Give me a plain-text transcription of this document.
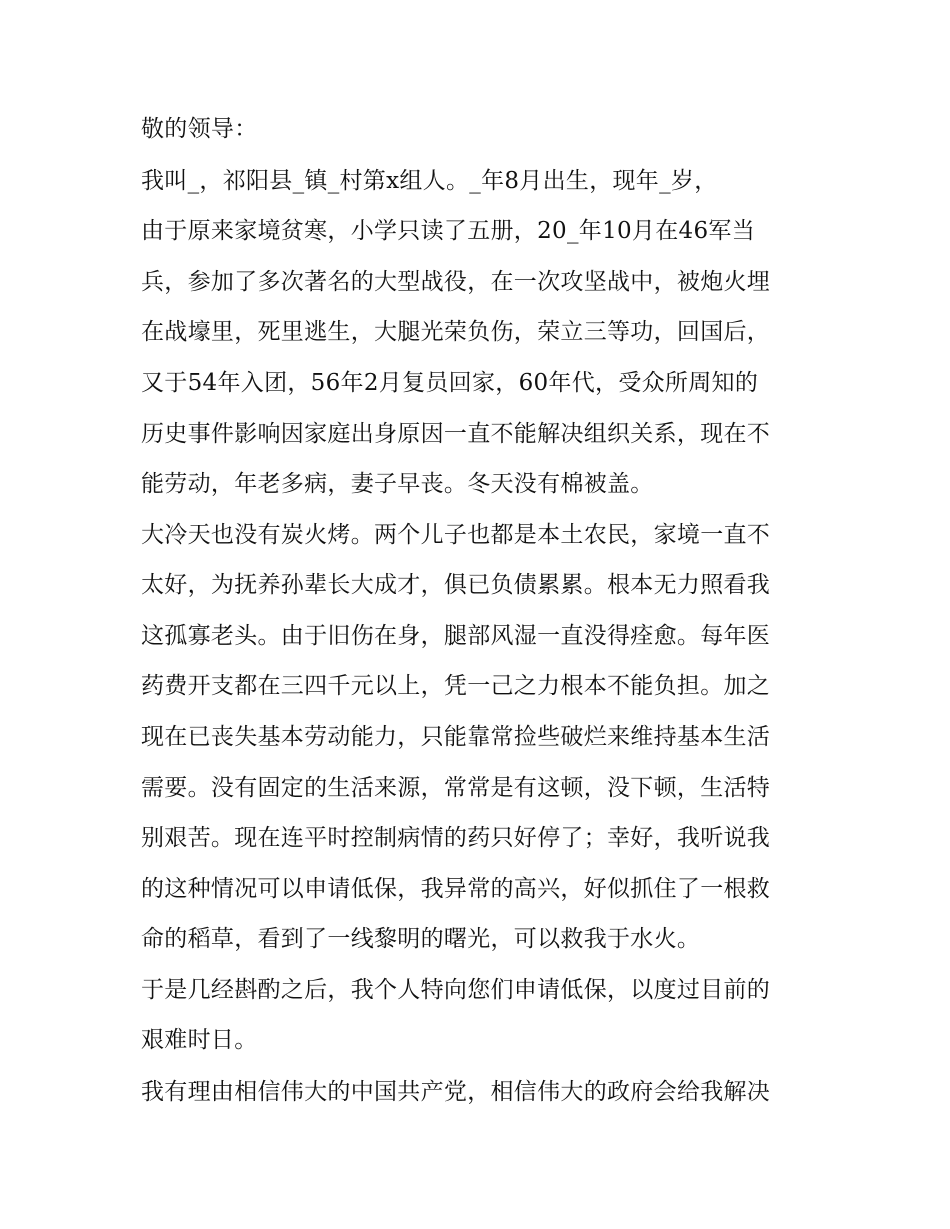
敬的领导：
我叫_，祁阳县_镇_村第x组人。_年8月出生，现年_岁，
由于原来家境贫寒，小学只读了五册，20_年10月在46军当
兵，参加了多次著名的大型战役，在一次攻坚战中，被炮火埋
在战壕里，死里逃生，大腿光荣负伤，荣立三等功，回国后，
又于54年入团，56年2月复员回家，60年代，受众所周知的
历史事件影响因家庭出身原因一直不能解决组织关系，现在不
能劳动，年老多病，妻子早丧。冬天没有棉被盖。
大冷天也没有炭火烤。两个儿子也都是本土农民，家境一直不
太好，为抚养孙辈长大成才，俱已负债累累。根本无力照看我
这孤寡老头。由于旧伤在身，腿部风湿一直没得痊愈。每年医
药费开支都在三四千元以上，凭一己之力根本不能负担。加之
现在已丧失基本劳动能力，只能靠常捡些破烂来维持基本生活
需要。没有固定的生活来源，常常是有这顿，没下顿，生活特
别艰苦。现在连平时控制病情的药只好停了；幸好，我听说我
的这种情况可以申请低保，我异常的高兴，好似抓住了一根救
命的稻草，看到了一线黎明的曙光，可以救我于水火。
于是几经斟酌之后，我个人特向您们申请低保，以度过目前的
艰难时日。
我有理由相信伟大的中国共产党，相信伟大的政府会给我解决
